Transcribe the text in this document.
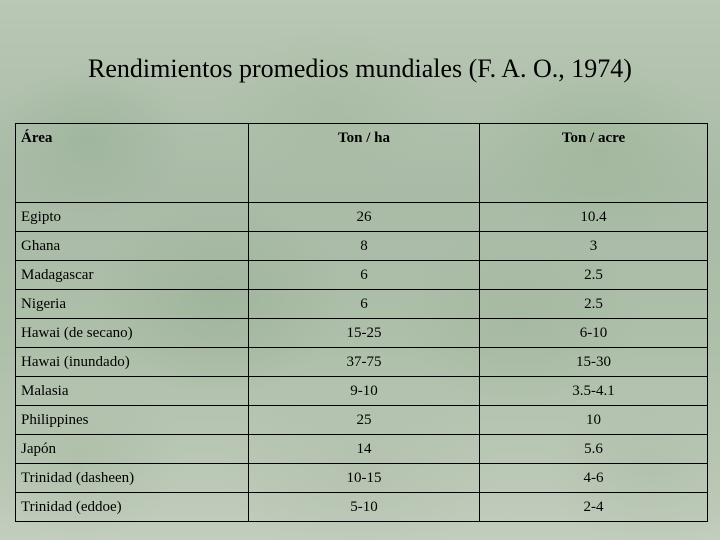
Rendimientos promedios mundiales (F. A. O., 1974)
Área	Ton / ha	Ton / acre
Egipto	26	10.4
Ghana	8	3
Madagascar	6	2.5
Nigeria	6	2.5
Hawai (de secano)	15-25	6-10
Hawai (inundado)	37-75	15-30
Malasia	9-10	3.5-4.1
Philippines	25	10
Japón	14	5.6
Trinidad (dasheen)	10-15	4-6
Trinidad (eddoe)	5-10	2-4
